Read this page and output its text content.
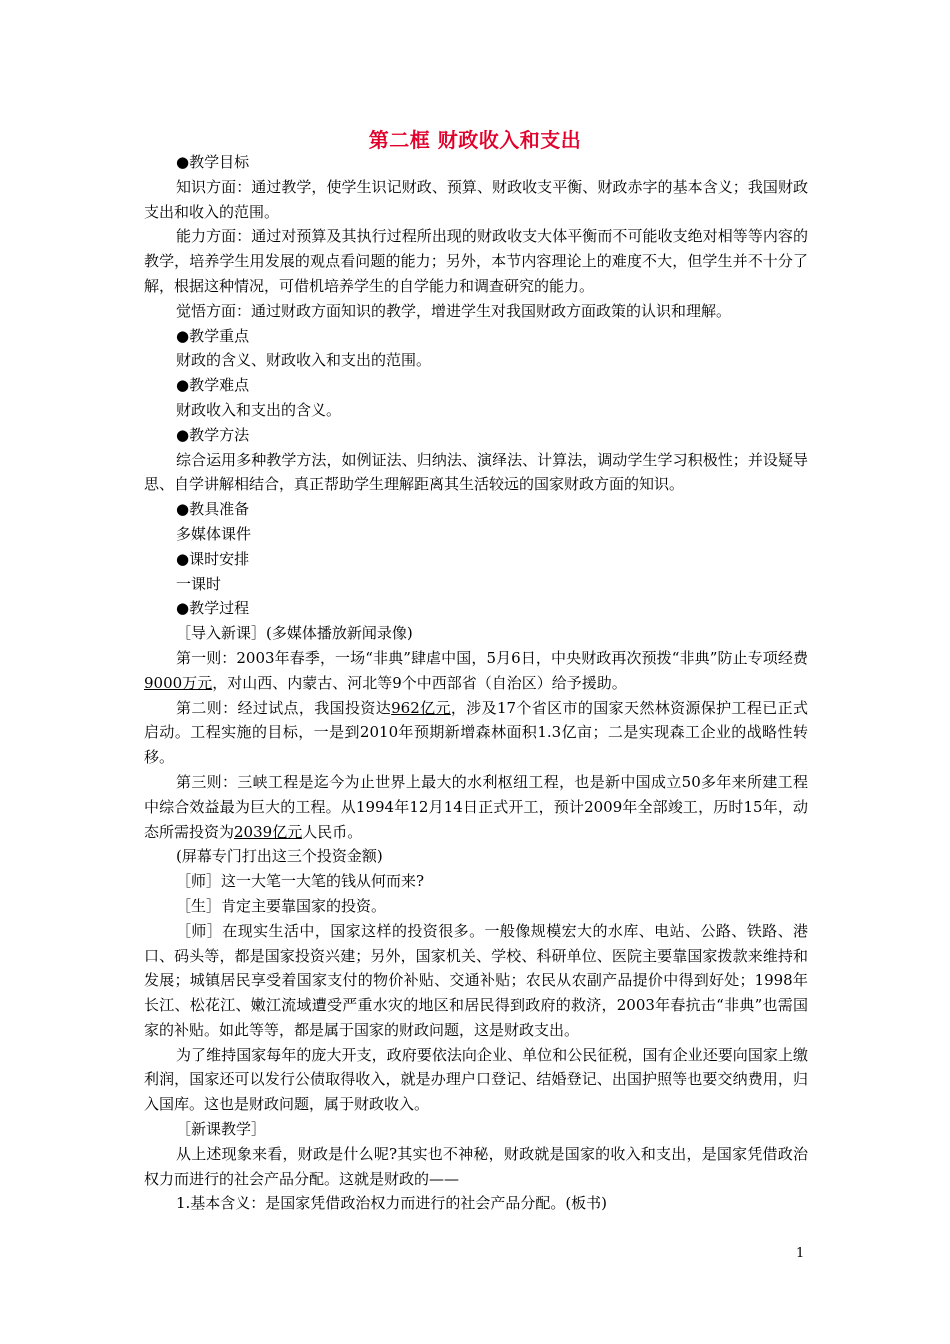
第二框 财政收入和支出

●教学目标

知识方面：通过教学，使学生识记财政、预算、财政收支平衡、财政赤字的基本含义；我国财政支出和收入的范围。

能力方面：通过对预算及其执行过程所出现的财政收支大体平衡而不可能收支绝对相等等内容的教学，培养学生用发展的观点看问题的能力；另外，本节内容理论上的难度不大，但学生并不十分了解，根据这种情况，可借机培养学生的自学能力和调查研究的能力。

觉悟方面：通过财政方面知识的教学，增进学生对我国财政方面政策的认识和理解。

●教学重点

财政的含义、财政收入和支出的范围。

●教学难点

财政收入和支出的含义。

●教学方法

综合运用多种教学方法，如例证法、归纳法、演绎法、计算法，调动学生学习积极性；并设疑导思、自学讲解相结合，真正帮助学生理解距离其生活较远的国家财政方面的知识。

●教具准备

多媒体课件

●课时安排

一课时

●教学过程

［导入新课］(多媒体播放新闻录像)

第一则：2003年春季，一场“非典”肆虐中国，5月6日，中央财政再次预拨“非典”防止专项经费9000万元，对山西、内蒙古、河北等9个中西部省（自治区）给予援助。

第二则：经过试点，我国投资达962亿元，涉及17个省区市的国家天然林资源保护工程已正式启动。工程实施的目标，一是到2010年预期新增森林面积1.3亿亩；二是实现森工企业的战略性转移。

第三则：三峡工程是迄今为止世界上最大的水利枢纽工程，也是新中国成立50多年来所建工程中综合效益最为巨大的工程。从1994年12月14日正式开工，预计2009年全部竣工，历时15年，动态所需投资为2039亿元人民币。

(屏幕专门打出这三个投资金额)

［师］这一大笔一大笔的钱从何而来?

［生］肯定主要靠国家的投资。

［师］在现实生活中，国家这样的投资很多。一般像规模宏大的水库、电站、公路、铁路、港口、码头等，都是国家投资兴建；另外，国家机关、学校、科研单位、医院主要靠国家拨款来维持和发展；城镇居民享受着国家支付的物价补贴、交通补贴；农民从农副产品提价中得到好处；1998年长江、松花江、嫩江流域遭受严重水灾的地区和居民得到政府的救济，2003年春抗击“非典”也需国家的补贴。如此等等，都是属于国家的财政问题，这是财政支出。

为了维持国家每年的庞大开支，政府要依法向企业、单位和公民征税，国有企业还要向国家上缴利润，国家还可以发行公债取得收入，就是办理户口登记、结婚登记、出国护照等也要交纳费用，归入国库。这也是财政问题，属于财政收入。

［新课教学］

从上述现象来看，财政是什么呢?其实也不神秘，财政就是国家的收入和支出，是国家凭借政治权力而进行的社会产品分配。这就是财政的——

1.基本含义：是国家凭借政治权力而进行的社会产品分配。(板书)

1
